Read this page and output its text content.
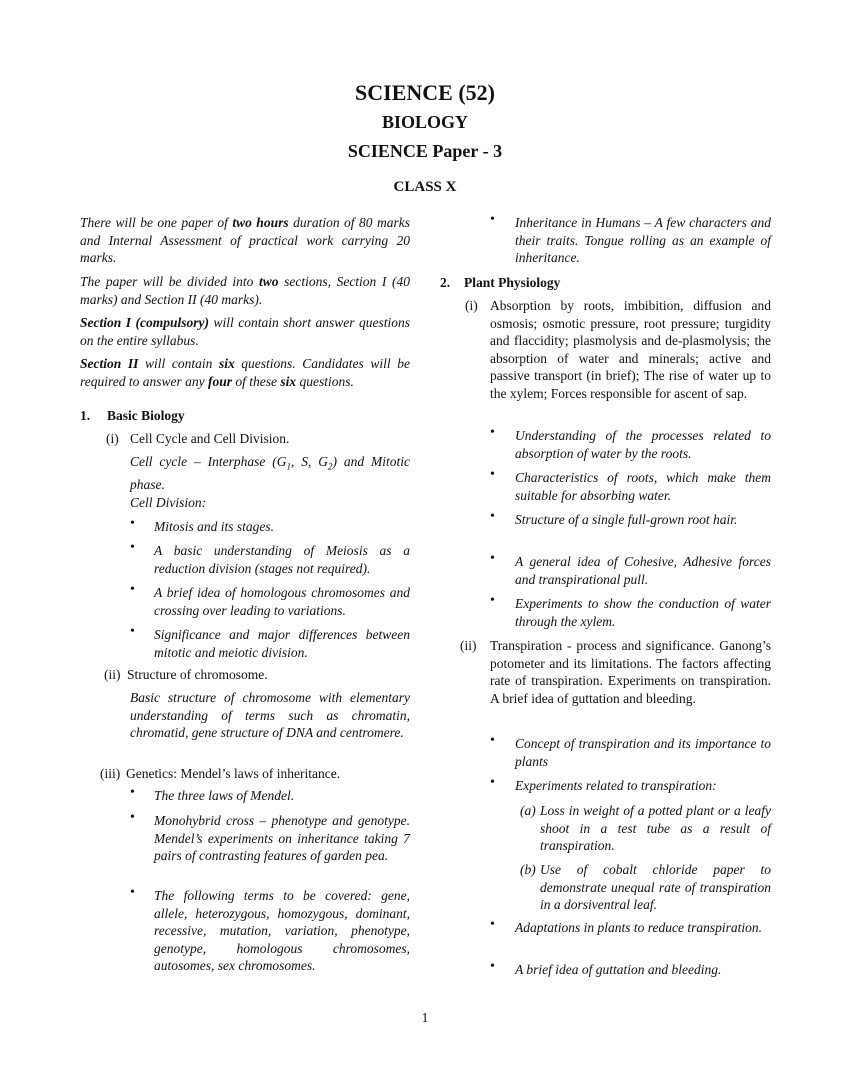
SCIENCE (52)
BIOLOGY
SCIENCE Paper - 3
CLASS X
There will be one paper of two hours duration of 80 marks and Internal Assessment of practical work carrying 20 marks.
The paper will be divided into two sections, Section I (40 marks) and Section II (40 marks).
Section I (compulsory) will contain short answer questions on the entire syllabus.
Section II will contain six questions. Candidates will be required to answer any four of these six questions.
1. Basic Biology
(i) Cell Cycle and Cell Division.
Cell cycle – Interphase ($G_1$, S, $G_2$) and Mitotic phase.
Cell Division:
• Mitosis and its stages.
• A basic understanding of Meiosis as a reduction division (stages not required).
• A brief idea of homologous chromosomes and crossing over leading to variations.
• Significance and major differences between mitotic and meiotic division.
(ii) Structure of chromosome.
Basic structure of chromosome with elementary understanding of terms such as chromatin, chromatid, gene structure of DNA and centromere.
(iii) Genetics: Mendel’s laws of inheritance.
• The three laws of Mendel.
• Monohybrid cross – phenotype and genotype. Mendel’s experiments on inheritance taking 7 pairs of contrasting features of garden pea.
• The following terms to be covered: gene, allele, heterozygous, homozygous, dominant, recessive, mutation, variation, phenotype, genotype, homologous chromosomes, autosomes, sex chromosomes.
• Inheritance in Humans – A few characters and their traits. Tongue rolling as an example of inheritance.
2. Plant Physiology
(i) Absorption by roots, imbibition, diffusion and osmosis; osmotic pressure, root pressure; turgidity and flaccidity; plasmolysis and de-plasmolysis; the absorption of water and minerals; active and passive transport (in brief); The rise of water up to the xylem; Forces responsible for ascent of sap.
• Understanding of the processes related to absorption of water by the roots.
• Characteristics of roots, which make them suitable for absorbing water.
• Structure of a single full-grown root hair.
• A general idea of Cohesive, Adhesive forces and transpirational pull.
• Experiments to show the conduction of water through the xylem.
(ii) Transpiration - process and significance. Ganong’s potometer and its limitations. The factors affecting rate of transpiration. Experiments on transpiration. A brief idea of guttation and bleeding.
• Concept of transpiration and its importance to plants
• Experiments related to transpiration:
(a) Loss in weight of a potted plant or a leafy shoot in a test tube as a result of transpiration.
(b) Use of cobalt chloride paper to demonstrate unequal rate of transpiration in a dorsiventral leaf.
• Adaptations in plants to reduce transpiration.
• A brief idea of guttation and bleeding.
1
